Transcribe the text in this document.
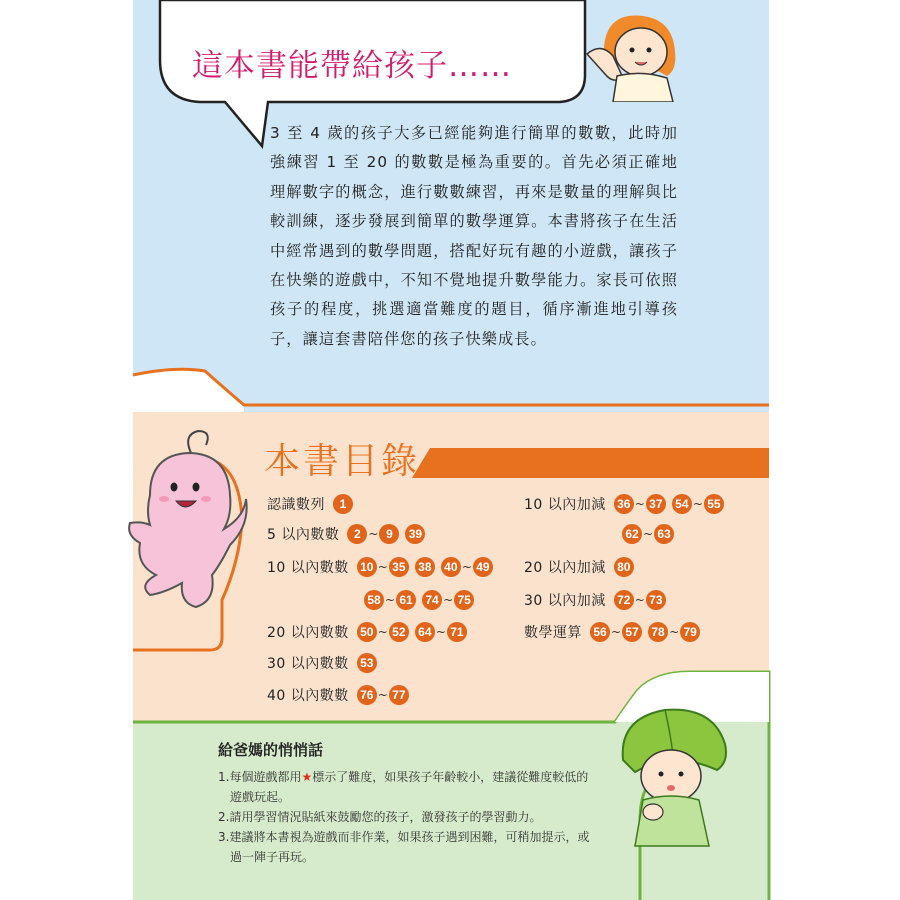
這本書能帶給孩子……
3 至 4 歲的孩子大多已經能夠進行簡單的數數，此時加強練習 1 至 20 的數數是極為重要的。首先必須正確地理解數字的概念，進行數數練習，再來是數量的理解與比較訓練，逐步發展到簡單的數學運算。本書將孩子在生活中經常遇到的數學問題，搭配好玩有趣的小遊戲，讓孩子在快樂的遊戲中，不知不覺地提升數學能力。家長可依照孩子的程度，挑選適當難度的題目，循序漸進地引導孩子，讓這套書陪伴您的孩子快樂成長。
本書目錄
認識數列	1
5 以內數數	2 ~ 9	39
10 以內數數 10 ~ 35 38 40 ~ 49
58 ~ 61 74 ~ 75
20 以內數數 50 ~ 52 64 ~ 71
30 以內數數 53
40 以內數數 76 ~ 77
10 以內加減 36 ~ 37 54 ~ 55
62 ~ 63
20 以內加減 80
30 以內加減 72 ~ 73
數學運算 56 ~ 57 78 ~ 79
給爸媽的悄悄話
1.每個遊戲都用★標示了難度，如果孩子年齡較小，建議從難度較低的
遊戲玩起。
2.請用學習情況貼紙來鼓勵您的孩子，激發孩子的學習動力。
3.建議將本書視為遊戲而非作業，如果孩子遇到困難，可稍加提示，或
過一陣子再玩。
